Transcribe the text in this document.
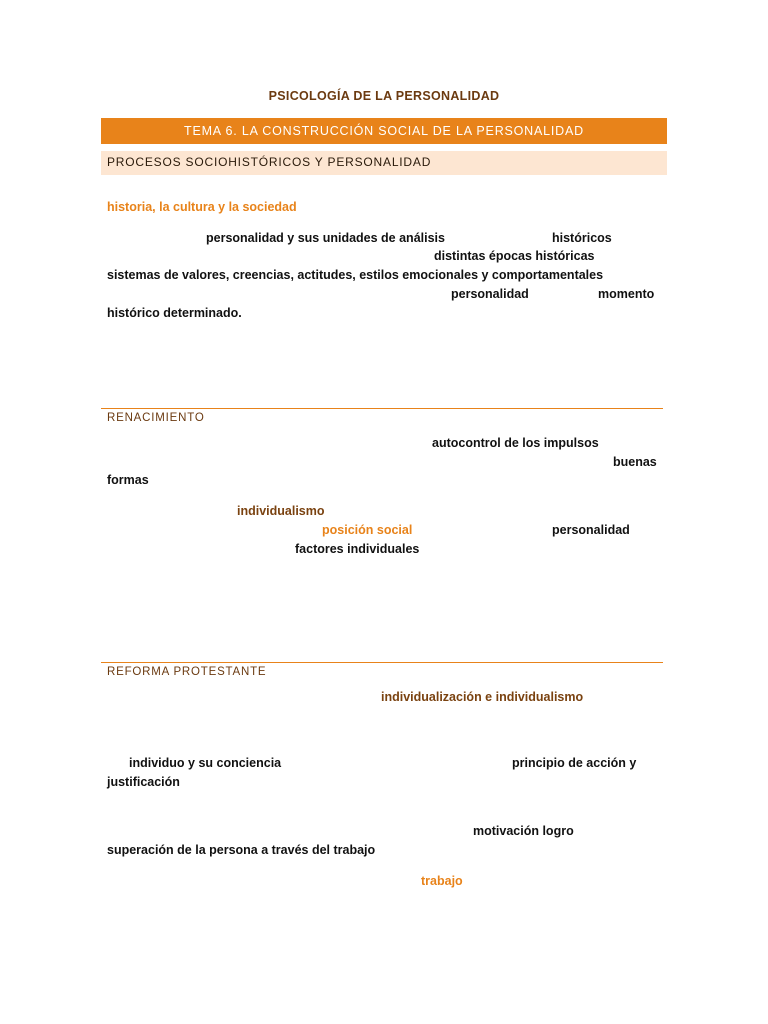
PSICOLOGÍA DE LA PERSONALIDAD
TEMA 6. LA CONSTRUCCIÓN SOCIAL DE LA PERSONALIDAD
PROCESOS SOCIOHISTÓRICOS Y PERSONALIDAD
historia, la cultura y la sociedad
personalidad y sus unidades de análisis	históricos
distintas épocas históricas
sistemas de valores, creencias, actitudes, estilos emocionales y comportamentales
personalidad	momento
histórico determinado.
RENACIMIENTO
autocontrol de los impulsos
buenas
formas
individualismo
posición social	personalidad
factores individuales
REFORMA PROTESTANTE
individualización e individualismo
individuo y su conciencia	principio de acción y
justificación
motivación logro
superación de la persona a través del trabajo
trabajo
